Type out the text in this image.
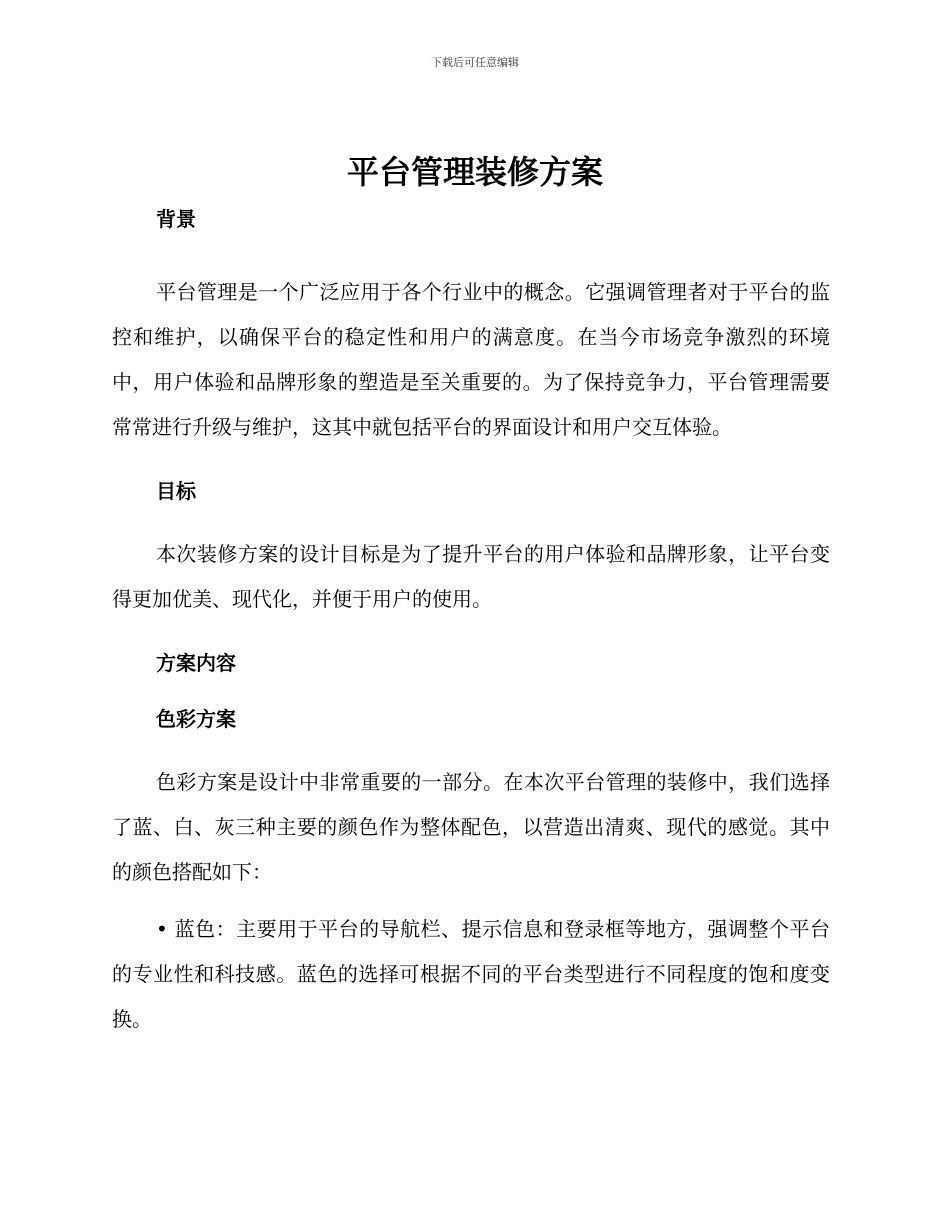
下载后可任意编辑
平台管理装修方案
背景

平台管理是一个广泛应用于各个行业中的概念。它强调管理者对于平台的监控和维护，以确保平台的稳定性和用户的满意度。在当今市场竞争激烈的环境中，用户体验和品牌形象的塑造是至关重要的。为了保持竞争力，平台管理需要常常进行升级与维护，这其中就包括平台的界面设计和用户交互体验。

目标

本次装修方案的设计目标是为了提升平台的用户体验和品牌形象，让平台变得更加优美、现代化，并便于用户的使用。

方案内容
色彩方案

色彩方案是设计中非常重要的一部分。在本次平台管理的装修中，我们选择了蓝、白、灰三种主要的颜色作为整体配色，以营造出清爽、现代的感觉。其中的颜色搭配如下：

• 蓝色：主要用于平台的导航栏、提示信息和登录框等地方，强调整个平台的专业性和科技感。蓝色的选择可根据不同的平台类型进行不同程度的饱和度变换。
